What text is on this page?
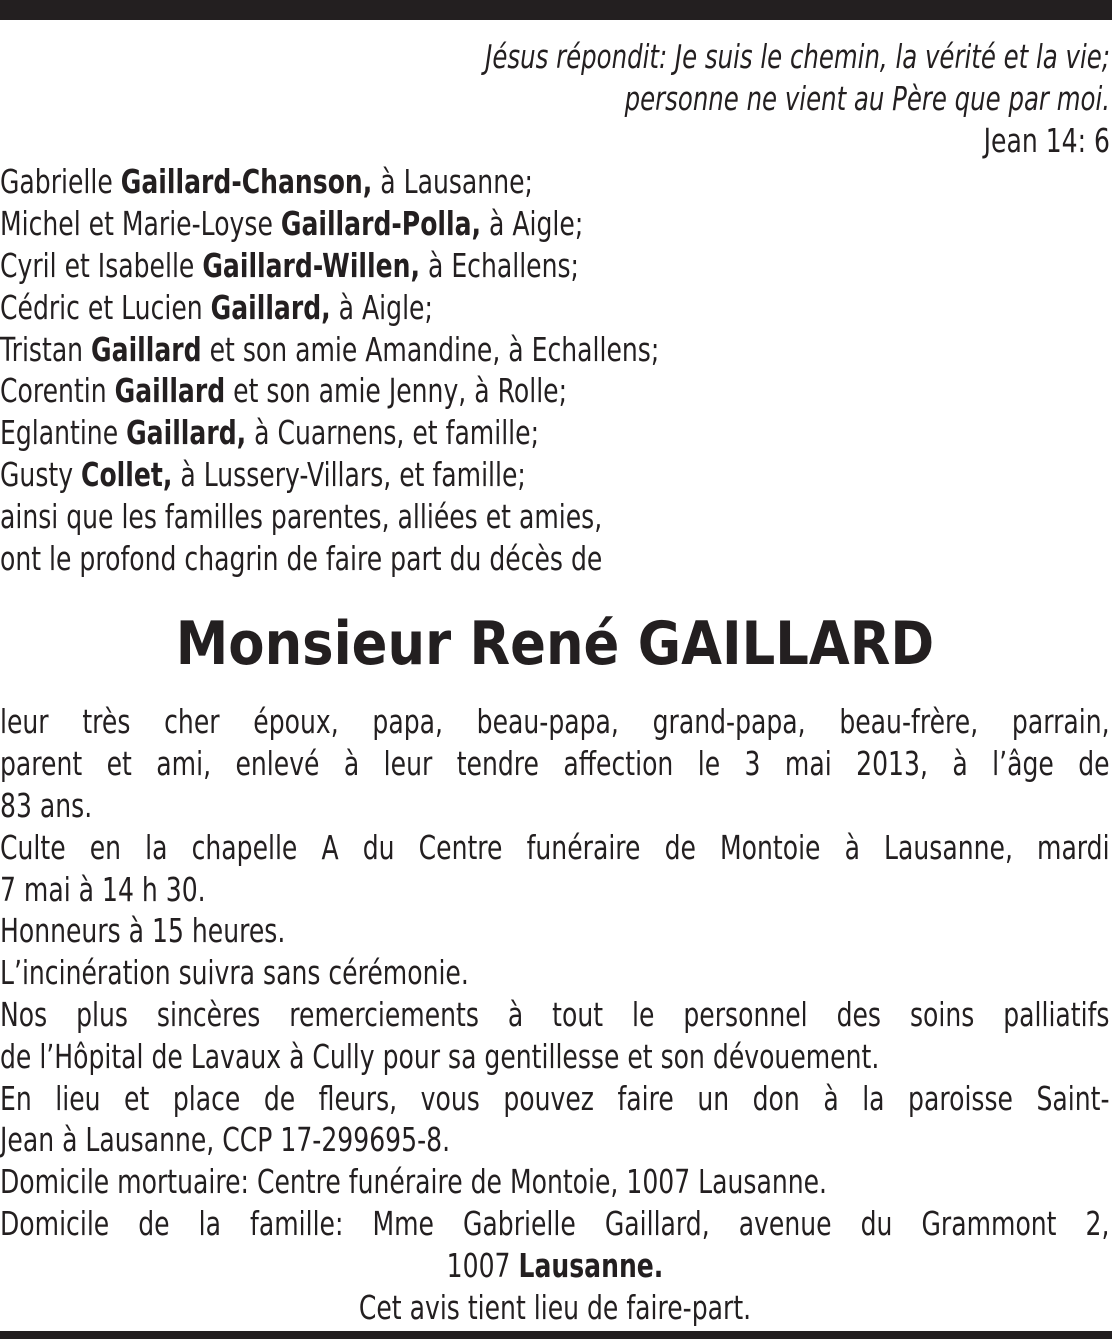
Jésus répondit: Je suis le chemin, la vérité et la vie;
personne ne vient au Père que par moi.
Jean 14: 6
Gabrielle Gaillard-Chanson, à Lausanne;
Michel et Marie-Loyse Gaillard-Polla, à Aigle;
Cyril et Isabelle Gaillard-Willen, à Echallens;
Cédric et Lucien Gaillard, à Aigle;
Tristan Gaillard et son amie Amandine, à Echallens;
Corentin Gaillard et son amie Jenny, à Rolle;
Eglantine Gaillard, à Cuarnens, et famille;
Gusty Collet, à Lussery-Villars, et famille;
ainsi que les familles parentes, alliées et amies,
ont le profond chagrin de faire part du décès de
Monsieur René GAILLARD
leur très cher époux, papa, beau-papa, grand-papa, beau-frère, parrain,
parent et ami, enlevé à leur tendre affection le 3 mai 2013, à l’âge de
83 ans.
Culte en la chapelle A du Centre funéraire de Montoie à Lausanne, mardi
7 mai à 14 h 30.
Honneurs à 15 heures.
L’incinération suivra sans cérémonie.
Nos plus sincères remerciements à tout le personnel des soins palliatifs
de l’Hôpital de Lavaux à Cully pour sa gentillesse et son dévouement.
En lieu et place de fleurs, vous pouvez faire un don à la paroisse Saint-
Jean à Lausanne, CCP 17-299695-8.
Domicile mortuaire: Centre funéraire de Montoie, 1007 Lausanne.
Domicile de la famille: Mme Gabrielle Gaillard, avenue du Grammont 2,
1007 Lausanne.
Cet avis tient lieu de faire-part.
